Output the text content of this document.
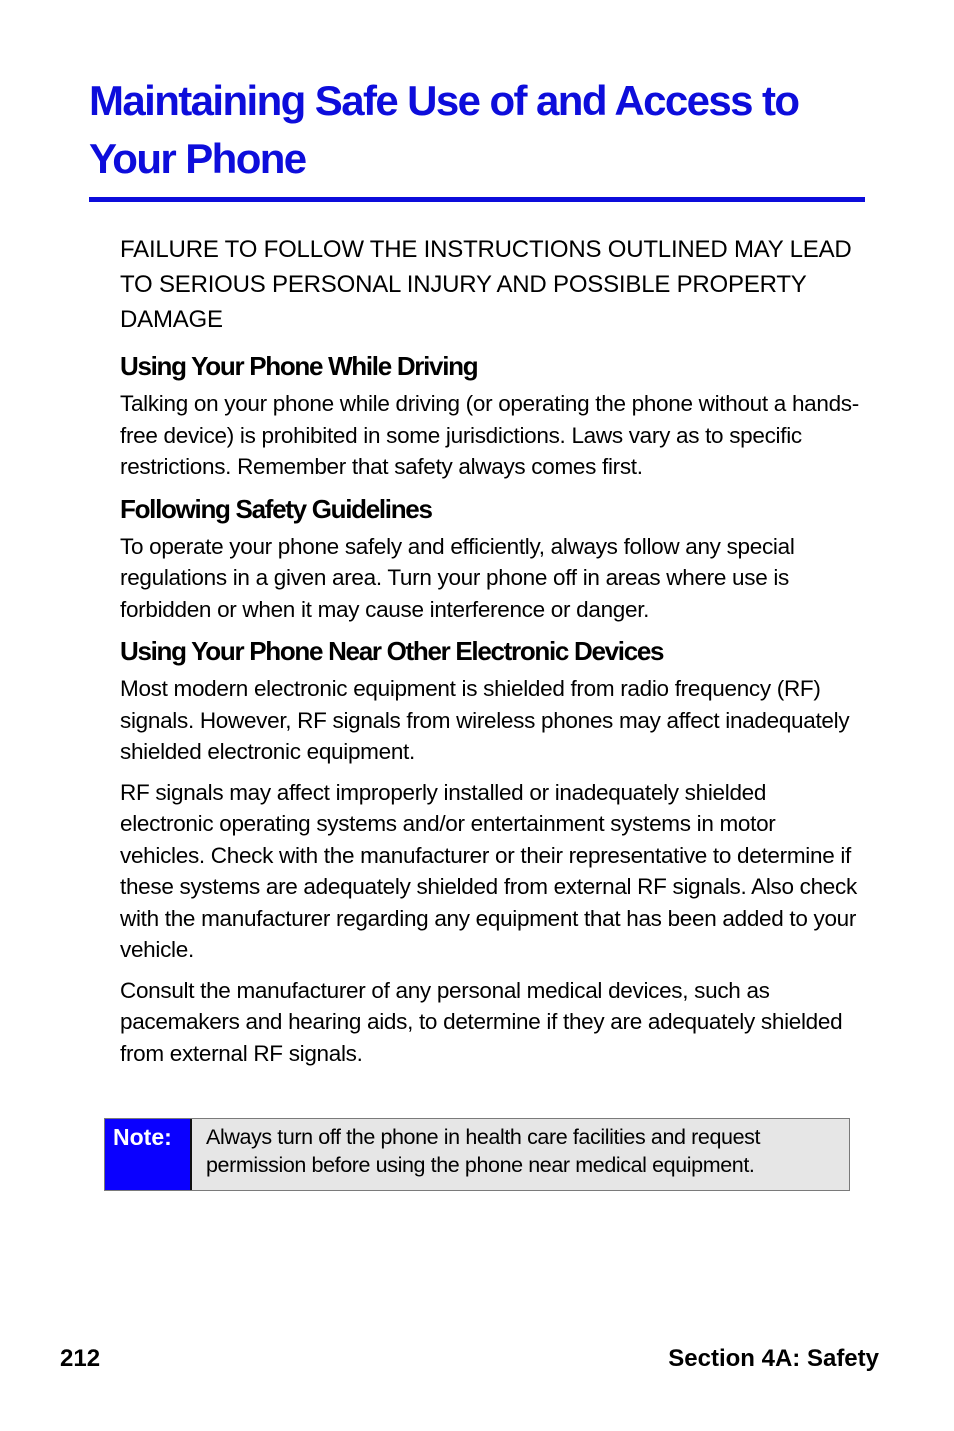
Maintaining Safe Use of and Access to Your Phone

FAILURE TO FOLLOW THE INSTRUCTIONS OUTLINED MAY LEAD TO SERIOUS PERSONAL INJURY AND POSSIBLE PROPERTY DAMAGE

Using Your Phone While Driving

Talking on your phone while driving (or operating the phone without a hands-free device) is prohibited in some jurisdictions. Laws vary as to specific restrictions. Remember that safety always comes first.

Following Safety Guidelines

To operate your phone safely and efficiently, always follow any special regulations in a given area. Turn your phone off in areas where use is forbidden or when it may cause interference or danger.

Using Your Phone Near Other Electronic Devices

Most modern electronic equipment is shielded from radio frequency (RF) signals. However, RF signals from wireless phones may affect inadequately shielded electronic equipment.

RF signals may affect improperly installed or inadequately shielded electronic operating systems and/or entertainment systems in motor vehicles. Check with the manufacturer or their representative to determine if these systems are adequately shielded from external RF signals. Also check with the manufacturer regarding any equipment that has been added to your vehicle.

Consult the manufacturer of any personal medical devices, such as pacemakers and hearing aids, to determine if they are adequately shielded from external RF signals.

Note:	Always turn off the phone in health care facilities and request permission before using the phone near medical equipment.
212	Section 4A: Safety
